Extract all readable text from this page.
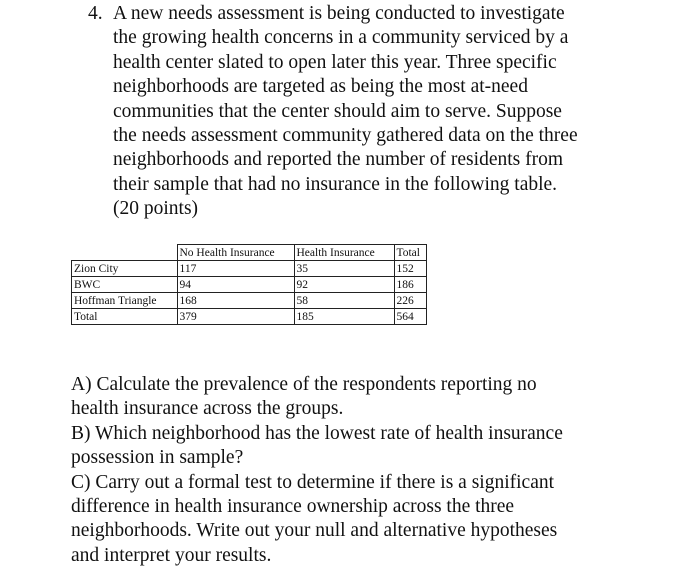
4. A new needs assessment is being conducted to investigate
the growing health concerns in a community serviced by a
health center slated to open later this year. Three specific
neighborhoods are targeted as being the most at-need
communities that the center should aim to serve. Suppose
the needs assessment community gathered data on the three
neighborhoods and reported the number of residents from
their sample that had no insurance in the following table.
(20 points)
	No Health Insurance	Health Insurance	Total
Zion City	117	35	152
BWC	94	92	186
Hoffman Triangle	168	58	226
Total	379	185	564
A) Calculate the prevalence of the respondents reporting no
health insurance across the groups.
B) Which neighborhood has the lowest rate of health insurance
possession in sample?
C) Carry out a formal test to determine if there is a significant
difference in health insurance ownership across the three
neighborhoods. Write out your null and alternative hypotheses
and interpret your results.
